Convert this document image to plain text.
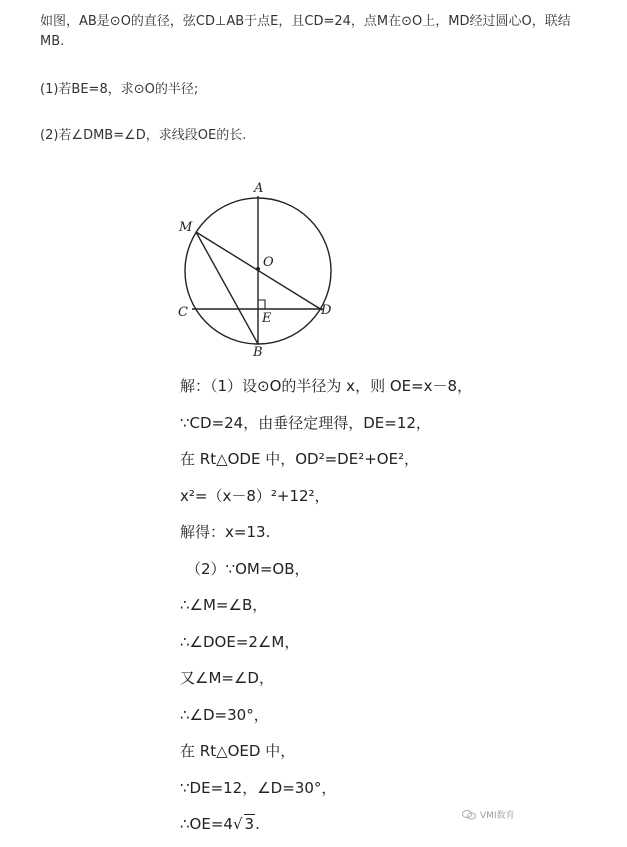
如图，AB是⊙O的直径，弦CD⊥AB于点E，且CD=24，点M在⊙O上，MD经过圆心O，联结

MB.

(1)若BE=8，求⊙O的半径;
(2)若∠DMB=∠D，求线段OE的长.
A
M
O
C	E
D
B
解：（1）设⊙O的半径为 x，则 OE=x－8，
∵CD=24，由垂径定理得，DE=12，
在 Rt△ODE 中，OD²=DE²+OE²，
x²=（x－8）²+12²，
解得：x=13.
（2）∵OM=OB，
∴∠M=∠B，
∴∠DOE=2∠M，
又∠M=∠D，
∴∠D=30°，
在 Rt△OED 中，
∵DE=12，∠D=30°，
∴OE=4√ 3.	VMI数育
